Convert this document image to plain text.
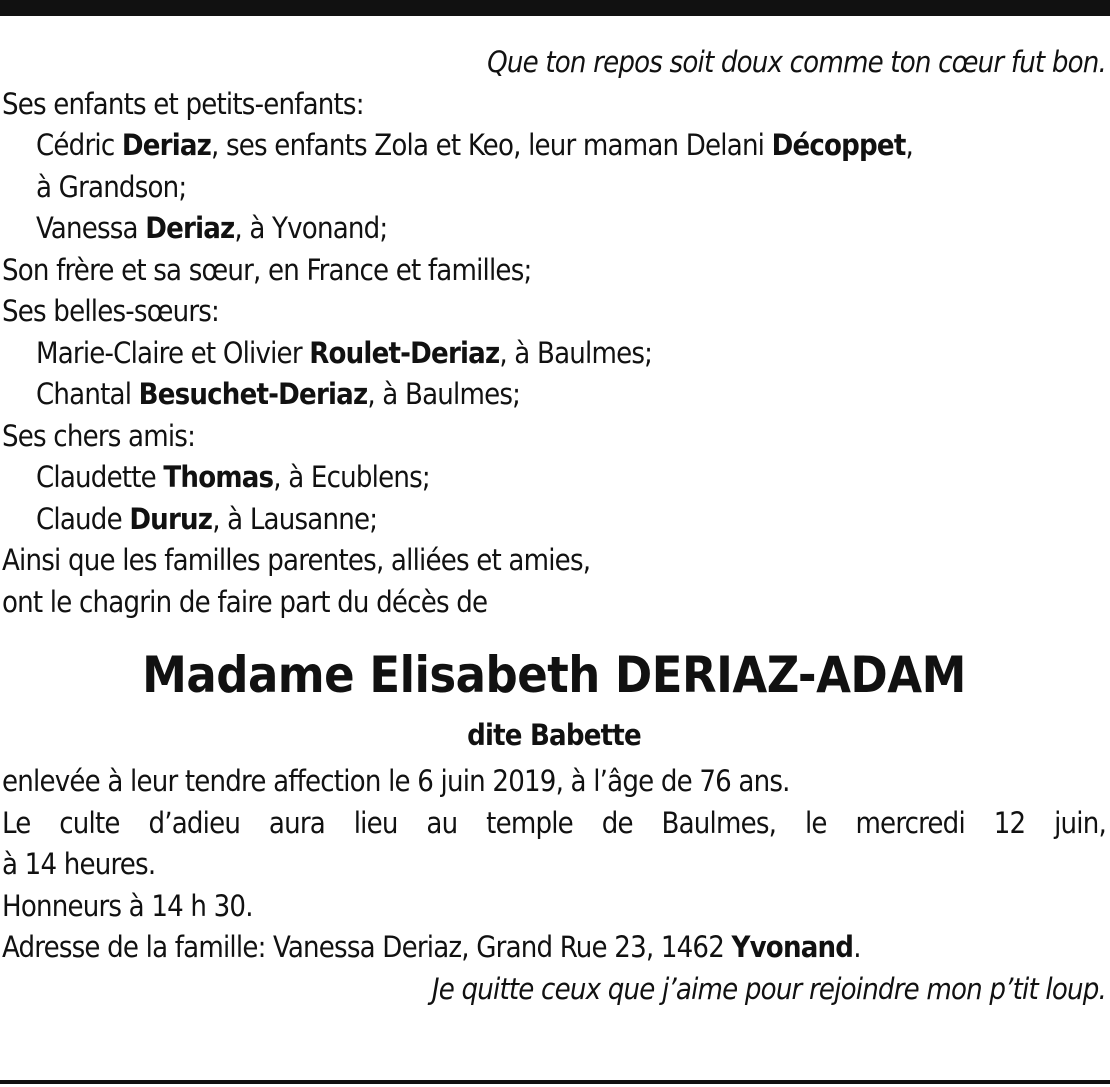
Que ton repos soit doux comme ton cœur fut bon.
Ses enfants et petits-enfants:
Cédric Deriaz, ses enfants Zola et Keo, leur maman Delani Décoppet,
à Grandson;
Vanessa Deriaz, à Yvonand;
Son frère et sa sœur, en France et familles;
Ses belles-sœurs:
Marie-Claire et Olivier Roulet-Deriaz, à Baulmes;
Chantal Besuchet-Deriaz, à Baulmes;
Ses chers amis:
Claudette Thomas, à Ecublens;
Claude Duruz, à Lausanne;
Ainsi que les familles parentes, alliées et amies,
ont le chagrin de faire part du décès de
Madame Elisabeth DERIAZ-ADAM
dite Babette
enlevée à leur tendre affection le 6 juin 2019, à l’âge de 76 ans.
Le culte d’adieu aura lieu au temple de Baulmes, le mercredi 12 juin,
à 14 heures.
Honneurs à 14 h 30.
Adresse de la famille: Vanessa Deriaz, Grand Rue 23, 1462 Yvonand.
Je quitte ceux que j’aime pour rejoindre mon p’tit loup.
